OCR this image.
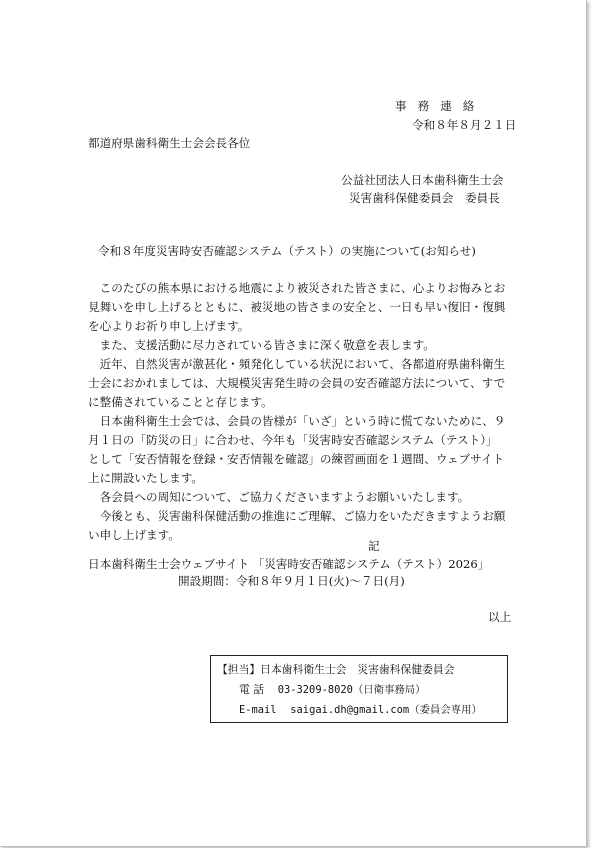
事務連絡
令和８年８月２１日
都道府県歯科衛生士会会長各位
公益社団法人日本歯科衛生士会
災害歯科保健委員会　委員長
令和８年度災害時安否確認システム（テスト）の実施について(お知らせ)

このたびの熊本県における地震により被災された皆さまに、心よりお悔みとお見舞いを申し上げるとともに、被災地の皆さまの安全と、一日も早い復旧・復興を心よりお祈り申し上げます。

また、支援活動に尽力されている皆さまに深く敬意を表します。

近年、自然災害が激甚化・頻発化している状況において、各都道府県歯科衛生士会におかれましては、大規模災害発生時の会員の安否確認方法について、すでに整備されていることと存じます。

日本歯科衛生士会では、会員の皆様が「いざ」という時に慌てないために、９月１日の「防災の日」に合わせ、今年も「災害時安否確認システム（テスト）」として「安否情報を登録・安否情報を確認」の練習画面を１週間、ウェブサイト上に開設いたします。

各会員への周知について、ご協力くださいますようお願いいたします。

今後とも、災害歯科保健活動の推進にご理解、ご協力をいただきますようお願い申し上げます。

記
日本歯科衛生士会ウェブサイト 「災害時安否確認システム（テスト）2026」
開設期間：令和８年９月１日(火)～７日(月)
以上
【担当】日本歯科衛生士会　災害歯科保健委員会
電 話 03-3209-8020（日衛事務局）
E-mail saigai.dh@gmail.com（委員会専用）
